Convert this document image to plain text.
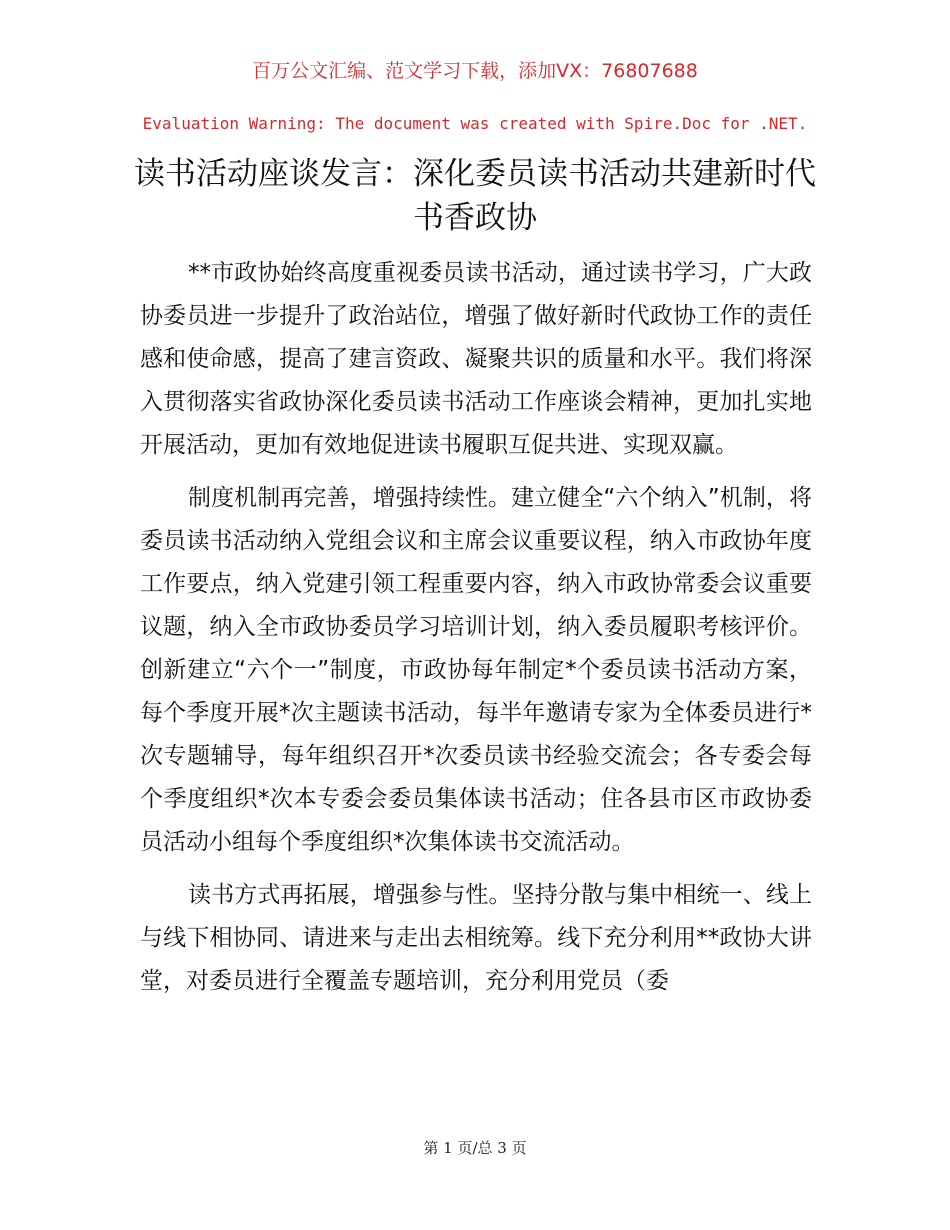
百万公文汇编、范文学习下载，添加VX：76807688
Evaluation Warning: The document was created with Spire.Doc for .NET.
读书活动座谈发言：深化委员读书活动共建新时代书香政协

**市政协始终高度重视委员读书活动，通过读书学习，广大政协委员进一步提升了政治站位，增强了做好新时代政协工作的责任感和使命感，提高了建言资政、凝聚共识的质量和水平。我们将深入贯彻落实省政协深化委员读书活动工作座谈会精神，更加扎实地开展活动，更加有效地促进读书履职互促共进、实现双赢。

制度机制再完善，增强持续性。建立健全“六个纳入”机制，将委员读书活动纳入党组会议和主席会议重要议程，纳入市政协年度工作要点，纳入党建引领工程重要内容，纳入市政协常委会议重要议题，纳入全市政协委员学习培训计划，纳入委员履职考核评价。创新建立“六个一”制度，市政协每年制定*个委员读书活动方案，每个季度开展*次主题读书活动，每半年邀请专家为全体委员进行*次专题辅导，每年组织召开*次委员读书经验交流会；各专委会每个季度组织*次本专委会委员集体读书活动；住各县市区市政协委员活动小组每个季度组织*次集体读书交流活动。

读书方式再拓展，增强参与性。坚持分散与集中相统一、线上与线下相协同、请进来与走出去相统筹。线下充分利用**政协大讲堂，对委员进行全覆盖专题培训，充分利用党员（委

第 1 页/总 3 页
